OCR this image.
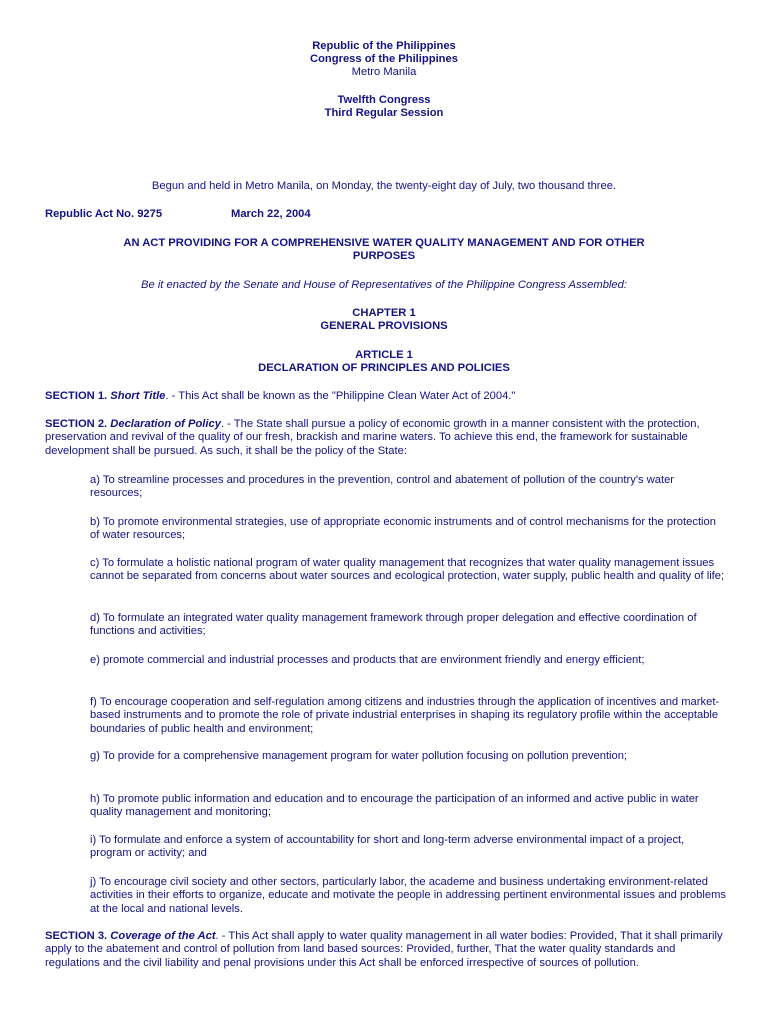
Republic of the Philippines
Congress of the Philippines
Metro Manila
Twelfth Congress
Third Regular Session
Begun and held in Metro Manila, on Monday, the twenty-eight day of July, two thousand three.
Republic Act No. 9275	March 22, 2004
AN ACT PROVIDING FOR A COMPREHENSIVE WATER QUALITY MANAGEMENT AND FOR OTHER
PURPOSES
Be it enacted by the Senate and House of Representatives of the Philippine Congress Assembled:
CHAPTER 1
GENERAL PROVISIONS
ARTICLE 1
DECLARATION OF PRINCIPLES AND POLICIES
SECTION 1. Short Title. - This Act shall be known as the "Philippine Clean Water Act of 2004."
SECTION 2. Declaration of Policy. - The State shall pursue a policy of economic growth in a manner consistent with the protection, preservation and revival of the quality of our fresh, brackish and marine waters. To achieve this end, the framework for sustainable development shall be pursued. As such, it shall be the policy of the State:
a) To streamline processes and procedures in the prevention, control and abatement of pollution of the country's water resources;
b) To promote environmental strategies, use of appropriate economic instruments and of control mechanisms for the protection of water resources;
c) To formulate a holistic national program of water quality management that recognizes that water quality management issues cannot be separated from concerns about water sources and ecological protection, water supply, public health and quality of life;
d) To formulate an integrated water quality management framework through proper delegation and effective coordination of functions and activities;
e) promote commercial and industrial processes and products that are environment friendly and energy efficient;
f) To encourage cooperation and self-regulation among citizens and industries through the application of incentives and market-based instruments and to promote the role of private industrial enterprises in shaping its regulatory profile within the acceptable boundaries of public health and environment;
g) To provide for a comprehensive management program for water pollution focusing on pollution prevention;
h) To promote public information and education and to encourage the participation of an informed and active public in water quality management and monitoring;
i) To formulate and enforce a system of accountability for short and long-term adverse environmental impact of a project, program or activity; and
j) To encourage civil society and other sectors, particularly labor, the academe and business undertaking environment-related activities in their efforts to organize, educate and motivate the people in addressing pertinent environmental issues and problems at the local and national levels.
SECTION 3. Coverage of the Act. - This Act shall apply to water quality management in all water bodies: Provided, That it shall primarily apply to the abatement and control of pollution from land based sources: Provided, further, That the water quality standards and regulations and the civil liability and penal provisions under this Act shall be enforced irrespective of sources of pollution.
